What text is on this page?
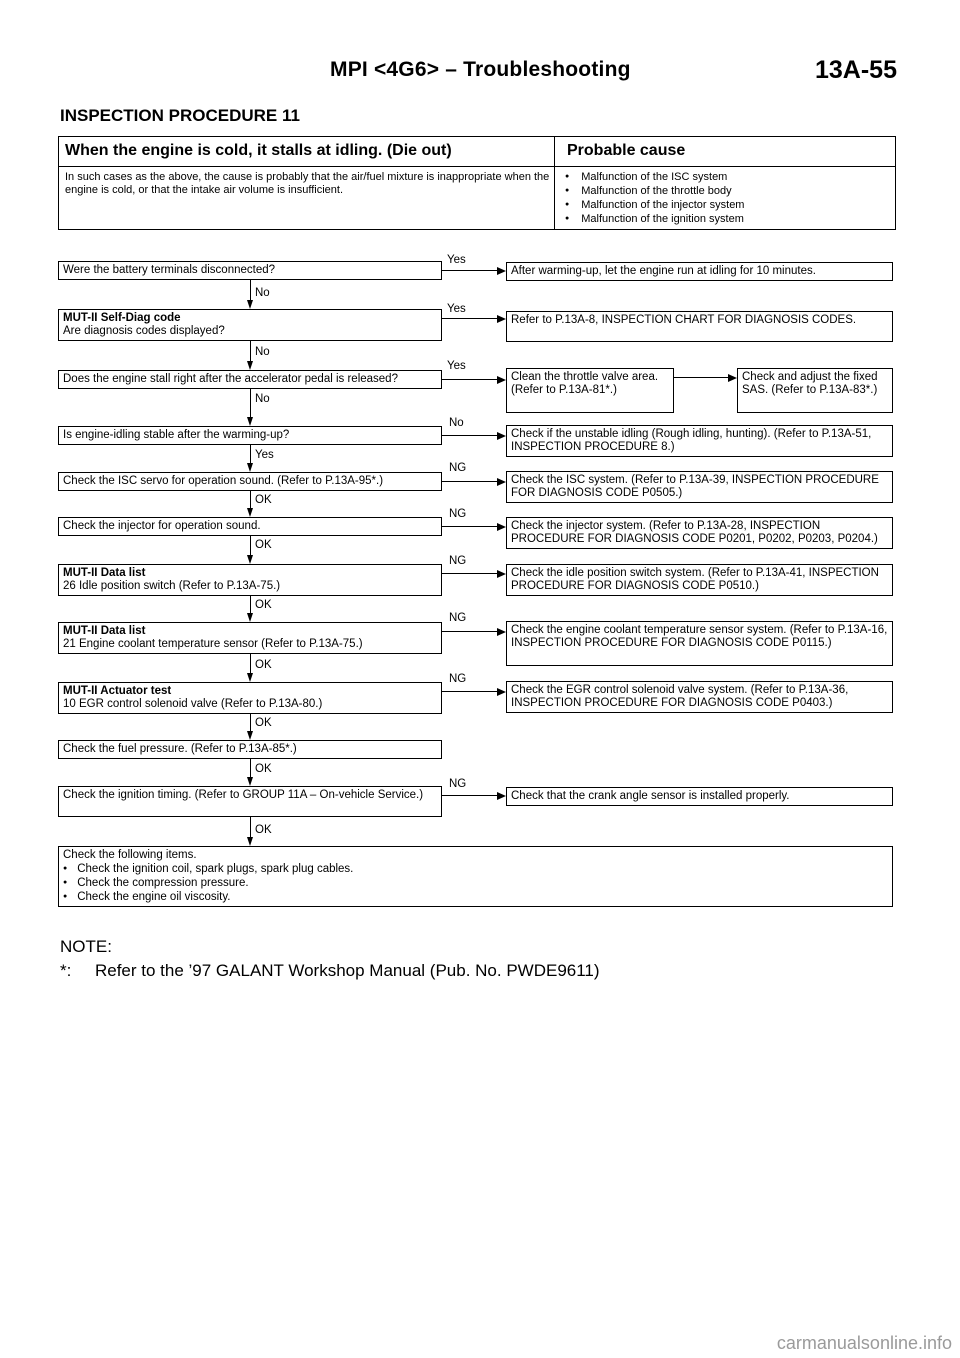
MPI <4G6> – Troubleshooting	13A-55
INSPECTION PROCEDURE 11
When the engine is cold, it stalls at idling. (Die out)	Probable cause
In such cases as the above, the cause is probably that the air/fuel mixture is inappropriate when the engine is cold, or that the intake air volume is insufficient.
● Malfunction of the ISC system
● Malfunction of the throttle body
● Malfunction of the injector system
● Malfunction of the ignition system
Were the battery terminals disconnected?
MUT-II Self-Diag code
Are diagnosis codes displayed?
Does the engine stall right after the accelerator pedal is released?
Is engine-idling stable after the warming-up?
Check the ISC servo for operation sound. (Refer to P.13A-95*.)
Check the injector for operation sound.
MUT-II Data list
26 Idle position switch (Refer to P.13A-75.)
MUT-II Data list
21 Engine coolant temperature sensor (Refer to P.13A-75.)
MUT-II Actuator test
10 EGR control solenoid valve (Refer to P.13A-80.)
Check the fuel pressure. (Refer to P.13A-85*.)
Check the ignition timing. (Refer to GROUP 11A – On-vehicle Service.)
No
No
No
Yes
OK
OK
OK
OK
OK
OK
OK
After warming-up, let the engine run at idling for 10 minutes.
Yes
Refer to P.13A-8, INSPECTION CHART FOR DIAGNOSIS CODES.
Yes
Clean the throttle valve area. (Refer to P.13A-81*.)
Yes
Check if the unstable idling (Rough idling, hunting). (Refer to P.13A-51, INSPECTION PROCEDURE 8.)
No
Check the ISC system. (Refer to P.13A-39, INSPECTION PROCEDURE FOR DIAGNOSIS CODE P0505.)
NG
Check the injector system. (Refer to P.13A-28, INSPECTION PROCEDURE FOR DIAGNOSIS CODE P0201, P0202, P0203, P0204.)
NG
Check the idle position switch system. (Refer to P.13A-41, INSPECTION PROCEDURE FOR DIAGNOSIS CODE P0510.)
NG
Check the engine coolant temperature sensor system. (Refer to P.13A-16, INSPECTION PROCEDURE FOR DIAGNOSIS CODE P0115.)
NG
Check the EGR control solenoid valve system. (Refer to P.13A-36, INSPECTION PROCEDURE FOR DIAGNOSIS CODE P0403.)
NG
Check that the crank angle sensor is installed properly.
NG
Check and adjust the fixed SAS. (Refer to P.13A-83*.)
Check the following items.
● Check the ignition coil, spark plugs, spark plug cables.
● Check the compression pressure.
● Check the engine oil viscosity.
NOTE:
*: Refer to the ’97 GALANT Workshop Manual (Pub. No. PWDE9611)
carmanualsonline.info
